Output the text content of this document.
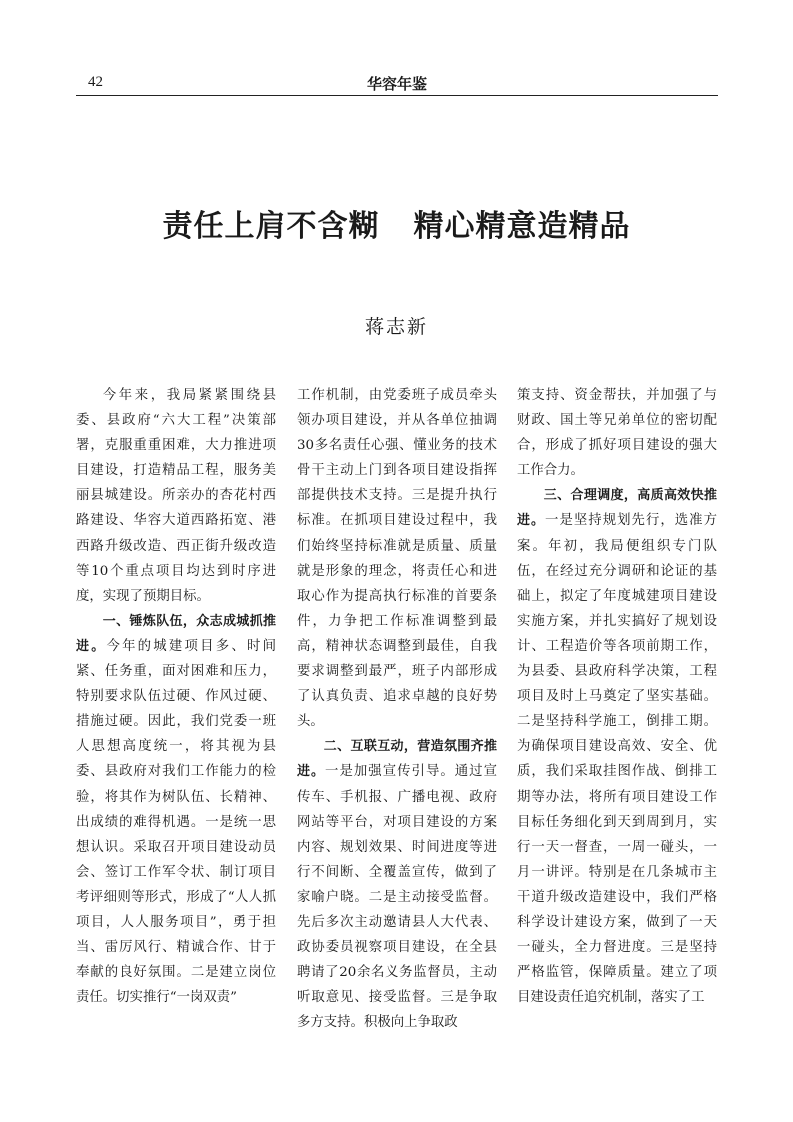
42	华容年鉴
责任上肩不含糊 精心精意造精品
蒋志新

今年来，我局紧紧围绕县委、县政府“六大工程”决策部署，克服重重困难，大力推进项目建设，打造精品工程，服务美丽县城建设。所亲办的杏花村西路建设、华容大道西路拓宽、港西路升级改造、西正街升级改造等10个重点项目均达到时序进度，实现了预期目标。

一、锤炼队伍，众志成城抓推进。今年的城建项目多、时间紧、任务重，面对困难和压力，特别要求队伍过硬、作风过硬、措施过硬。因此，我们党委一班人思想高度统一，将其视为县委、县政府对我们工作能力的检验，将其作为树队伍、长精神、出成绩的难得机遇。一是统一思想认识。采取召开项目建设动员会、签订工作军令状、制订项目考评细则等形式，形成了“人人抓项目，人人服务项目”，勇于担当、雷厉风行、精诚合作、甘于奉献的良好氛围。二是建立岗位责任。切实推行“一岗双责”

工作机制，由党委班子成员牵头领办项目建设，并从各单位抽调30多名责任心强、懂业务的技术骨干主动上门到各项目建设指挥部提供技术支持。三是提升执行标准。在抓项目建设过程中，我们始终坚持标准就是质量、质量就是形象的理念，将责任心和进取心作为提高执行标准的首要条件，力争把工作标准调整到最高，精神状态调整到最佳，自我要求调整到最严，班子内部形成了认真负责、追求卓越的良好势头。

二、互联互动，营造氛围齐推进。一是加强宣传引导。通过宣传车、手机报、广播电视、政府网站等平台，对项目建设的方案内容、规划效果、时间进度等进行不间断、全覆盖宣传，做到了家喻户晓。二是主动接受监督。先后多次主动邀请县人大代表、政协委员视察项目建设，在全县聘请了20余名义务监督员，主动听取意见、接受监督。三是争取多方支持。积极向上争取政

策支持、资金帮扶，并加强了与财政、国土等兄弟单位的密切配合，形成了抓好项目建设的强大工作合力。

三、合理调度，高质高效快推进。一是坚持规划先行，选准方案。年初，我局便组织专门队伍，在经过充分调研和论证的基础上，拟定了年度城建项目建设实施方案，并扎实搞好了规划设计、工程造价等各项前期工作，为县委、县政府科学决策，工程项目及时上马奠定了坚实基础。二是坚持科学施工，倒排工期。为确保项目建设高效、安全、优质，我们采取挂图作战、倒排工期等办法，将所有项目建设工作目标任务细化到天到周到月，实行一天一督查，一周一碰头，一月一讲评。特别是在几条城市主干道升级改造建设中，我们严格科学设计建设方案，做到了一天一碰头，全力督进度。三是坚持严格监管，保障质量。建立了项目建设责任追究机制，落实了工
